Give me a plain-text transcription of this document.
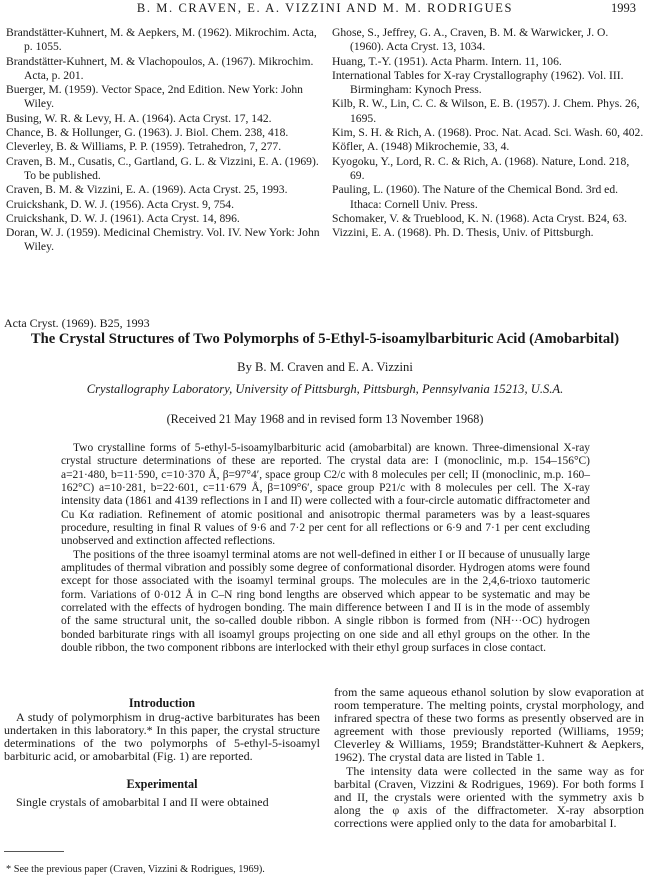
B. M. CRAVEN, E. A. VIZZINI AND M. M. RODRIGUES	1993
Brandstätter-Kuhnert, M. & Aepkers, M. (1962). Mikrochim. Acta, p. 1055.
Brandstätter-Kuhnert, M. & Vlachopoulos, A. (1967). Mikrochim. Acta, p. 201.
Buerger, M. (1959). Vector Space, 2nd Edition. New York: John Wiley.
Busing, W. R. & Levy, H. A. (1964). Acta Cryst. 17, 142.
Chance, B. & Hollunger, G. (1963). J. Biol. Chem. 238, 418.
Cleverley, B. & Williams, P. P. (1959). Tetrahedron, 7, 277.
Craven, B. M., Cusatis, C., Gartland, G. L. & Vizzini, E. A. (1969). To be published.
Craven, B. M. & Vizzini, E. A. (1969). Acta Cryst. 25, 1993.
Cruickshank, D. W. J. (1956). Acta Cryst. 9, 754.
Cruickshank, D. W. J. (1961). Acta Cryst. 14, 896.
Doran, W. J. (1959). Medicinal Chemistry. Vol. IV. New York: John Wiley.
Ghose, S., Jeffrey, G. A., Craven, B. M. & Warwicker, J. O. (1960). Acta Cryst. 13, 1034.
Huang, T.-Y. (1951). Acta Pharm. Intern. 11, 106.
International Tables for X-ray Crystallography (1962). Vol. III. Birmingham: Kynoch Press.
Kilb, R. W., Lin, C. C. & Wilson, E. B. (1957). J. Chem. Phys. 26, 1695.
Kim, S. H. & Rich, A. (1968). Proc. Nat. Acad. Sci. Wash. 60, 402.
Köfler, A. (1948) Mikrochemie, 33, 4.
Kyogoku, Y., Lord, R. C. & Rich, A. (1968). Nature, Lond. 218, 69.
Pauling, L. (1960). The Nature of the Chemical Bond. 3rd ed. Ithaca: Cornell Univ. Press.
Schomaker, V. & Trueblood, K. N. (1968). Acta Cryst. B24, 63.
Vizzini, E. A. (1968). Ph. D. Thesis, Univ. of Pittsburgh.
Acta Cryst. (1969). B25, 1993
The Crystal Structures of Two Polymorphs of 5-Ethyl-5-isoamylbarbituric Acid (Amobarbital)
By B. M. Craven and E. A. Vizzini
Crystallography Laboratory, University of Pittsburgh, Pittsburgh, Pennsylvania 15213, U.S.A.
(Received 21 May 1968 and in revised form 13 November 1968)

Two crystalline forms of 5-ethyl-5-isoamylbarbituric acid (amobarbital) are known. Three-dimensional X-ray crystal structure determinations of these are reported. The crystal data are: I (monoclinic, m.p. 154–156°C) a=21·480, b=11·590, c=10·370 Å, β=97°4′, space group C2/c with 8 molecules per cell; II (monoclinic, m.p. 160–162°C) a=10·281, b=22·601, c=11·679 Å, β=109°6′, space group P21/c with 8 molecules per cell. The X-ray intensity data (1861 and 4139 reflections in I and II) were collected with a four-circle automatic diffractometer and Cu Kα radiation. Refinement of atomic positional and anisotropic thermal parameters was by a least-squares procedure, resulting in final R values of 9·6 and 7·2 per cent for all reflections or 6·9 and 7·1 per cent excluding unobserved and extinction affected reflections.

The positions of the three isoamyl terminal atoms are not well-defined in either I or II because of unusually large amplitudes of thermal vibration and possibly some degree of conformational disorder. Hydrogen atoms were found except for those associated with the isoamyl terminal groups. The molecules are in the 2,4,6-trioxo tautomeric form. Variations of 0·012 Å in C–N ring bond lengths are observed which appear to be systematic and may be correlated with the effects of hydrogen bonding. The main difference between I and II is in the mode of assembly of the same structural unit, the so-called double ribbon. A single ribbon is formed from (NH···OC) hydrogen bonded barbiturate rings with all isoamyl groups projecting on one side and all ethyl groups on the other. In the double ribbon, the two component ribbons are interlocked with their ethyl group surfaces in close contact.

Introduction

A study of polymorphism in drug-active barbiturates has been undertaken in this laboratory.* In this paper, the crystal structure determinations of the two polymorphs of 5-ethyl-5-isoamyl barbituric acid, or amobarbital (Fig. 1) are reported.

Experimental

Single crystals of amobarbital I and II were obtained

from the same aqueous ethanol solution by slow evaporation at room temperature. The melting points, crystal morphology, and infrared spectra of these two forms as presently observed are in agreement with those previously reported (Williams, 1959; Cleverley & Williams, 1959; Brandstätter-Kuhnert & Aepkers, 1962). The crystal data are listed in Table 1.

The intensity data were collected in the same way as for barbital (Craven, Vizzini & Rodrigues, 1969). For both forms I and II, the crystals were oriented with the symmetry axis b along the φ axis of the diffractometer. X-ray absorption corrections were applied only to the data for amobarbital I.

* See the previous paper (Craven, Vizzini & Rodrigues, 1969).
